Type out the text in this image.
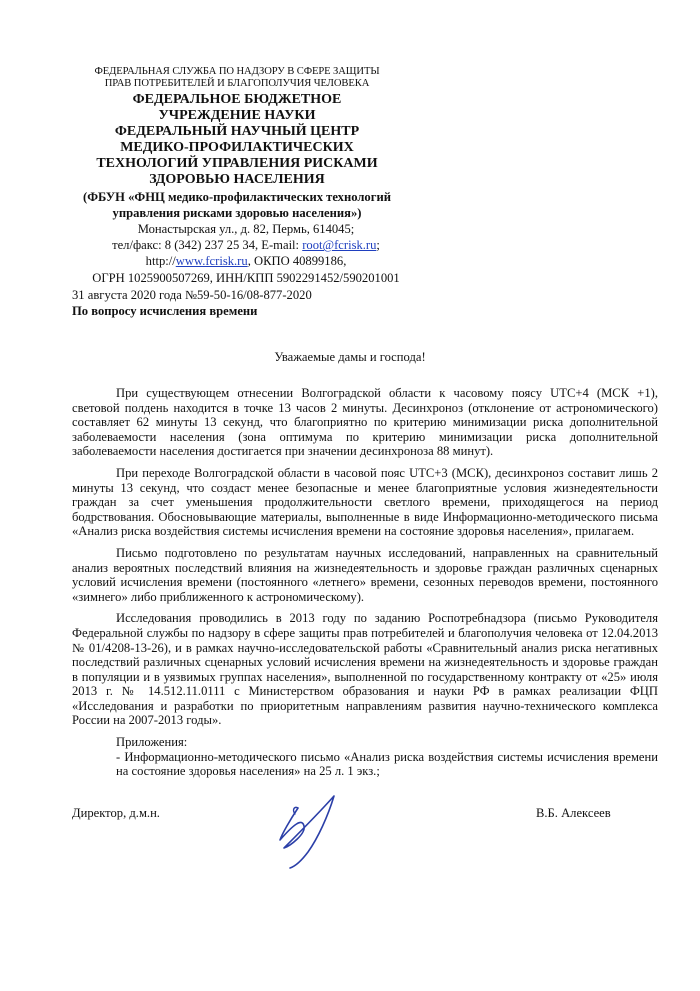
ФЕДЕРАЛЬНАЯ СЛУЖБА ПО НАДЗОРУ В СФЕРЕ ЗАЩИТЫ
ПРАВ ПОТРЕБИТЕЛЕЙ И БЛАГОПОЛУЧИЯ ЧЕЛОВЕКА
ФЕДЕРАЛЬНОЕ БЮДЖЕТНОЕ
УЧРЕЖДЕНИЕ НАУКИ
ФЕДЕРАЛЬНЫЙ НАУЧНЫЙ ЦЕНТР
МЕДИКО-ПРОФИЛАКТИЧЕСКИХ
ТЕХНОЛОГИЙ УПРАВЛЕНИЯ РИСКАМИ
ЗДОРОВЬЮ НАСЕЛЕНИЯ
(ФБУН «ФНЦ медико-профилактических технологий
управления рисками здоровью населения»)
Монастырская ул., д. 82, Пермь, 614045;
тел/факс: 8 (342) 237 25 34, E-mail: root@fcrisk.ru;
http://www.fcrisk.ru, ОКПО 40899186,
ОГРН 1025900507269, ИНН/КПП 5902291452/590201001
31 августа 2020 года №59-50-16/08-877-2020
По вопросу исчисления времени
Уважаемые дамы и господа!

При существующем отнесении Волгоградской области к часовому поясу UTC+4 (МСК +1), световой полдень находится в точке 13 часов 2 минуты. Десинхроноз (отклонение от астрономического) составляет 62 минуты 13 секунд, что благоприятно по критерию минимизации риска дополнительной заболеваемости населения (зона оптимума по критерию минимизации риска дополнительной заболеваемости населения достигается при значении десинхроноза 88 минут).

При переходе Волгоградской области в часовой пояс UTC+3 (МСК), десинхроноз составит лишь 2 минуты 13 секунд, что создаст менее безопасные и менее благоприятные условия жизнедеятельности граждан за счет уменьшения продолжительности светлого времени, приходящегося на период бодрствования. Обосновывающие материалы, выполненные в виде Информационно-методического письма «Анализ риска воздействия системы исчисления времени на состояние здоровья населения», прилагаем.

Письмо подготовлено по результатам научных исследований, направленных на сравнительный анализ вероятных последствий влияния на жизнедеятельность и здоровье граждан различных сценарных условий исчисления времени (постоянного «летнего» времени, сезонных переводов времени, постоянного «зимнего» либо приближенного к астрономическому).

Исследования проводились в 2013 году по заданию Роспотребнадзора (письмо Руководителя Федеральной службы по надзору в сфере защиты прав потребителей и благополучия человека от 12.04.2013 № 01/4208-13-26), и в рамках научно-исследовательской работы «Сравнительный анализ риска негативных последствий различных сценарных условий исчисления времени на жизнедеятельность и здоровье граждан в популяции и в уязвимых группах населения», выполненной по государственному контракту от «25» июля 2013 г. № 14.512.11.0111 с Министерством образования и науки РФ в рамках реализации ФЦП «Исследования и разработки по приоритетным направлениям развития научно-технического комплекса России на 2007-2013 годы».

Приложения:
- Информационно-методического письмо «Анализ риска воздействия системы исчисления времени на состояние здоровья населения» на 25 л. 1 экз.;
Директор, д.м.н.	В.Б. Алексеев
